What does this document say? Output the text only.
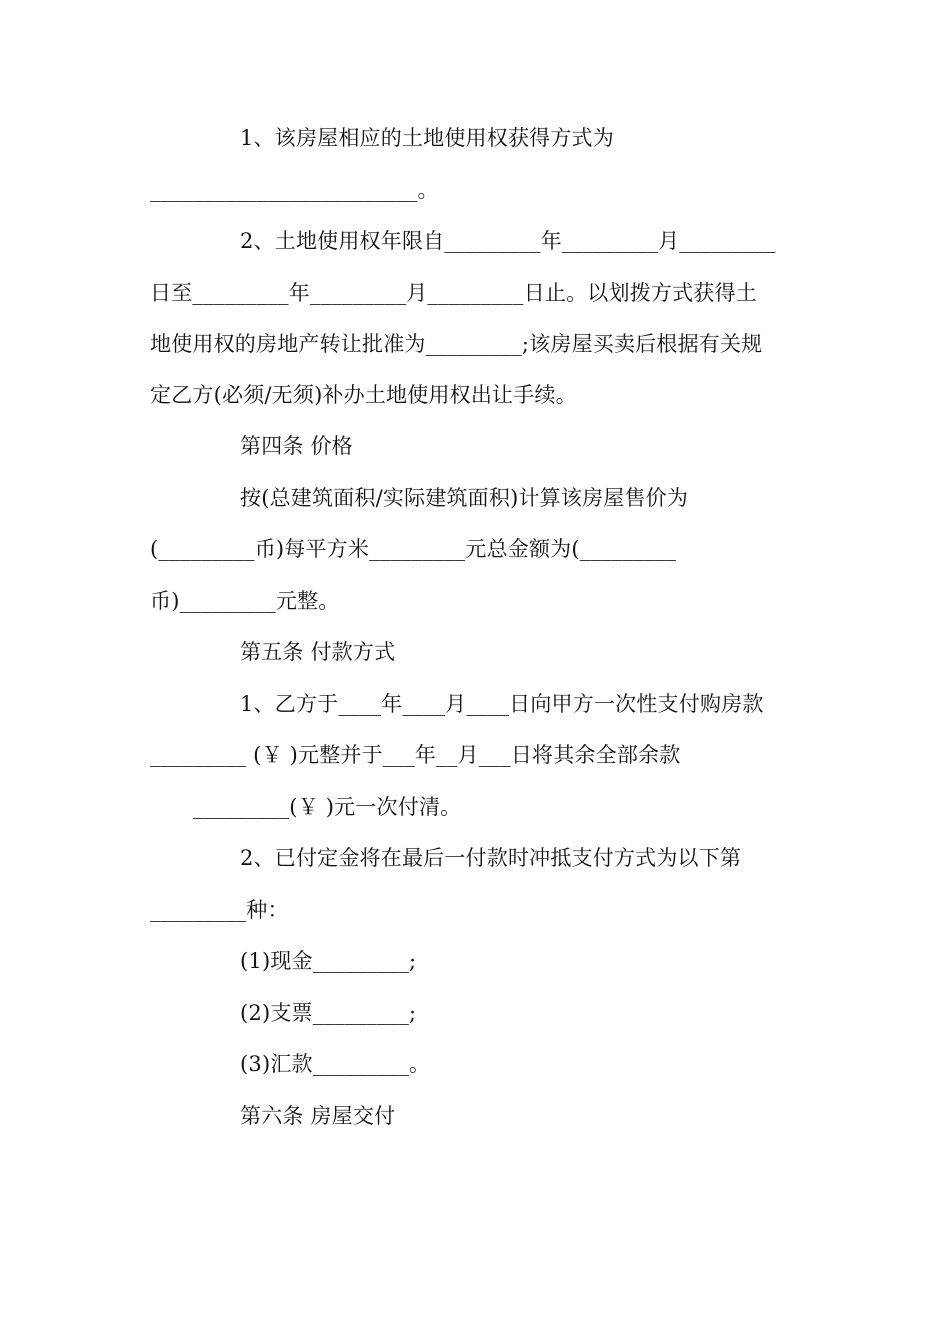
1、该房屋相应的土地使用权获得方式为
_________________________。
2、土地使用权年限自_________年_________月_________
日至_________年_________月_________日止。以划拨方式获得土
地使用权的房地产转让批准为_________;该房屋买卖后根据有关规
定乙方(必须/无须)补办土地使用权出让手续。
第四条 价格
按(总建筑面积/实际建筑面积)计算该房屋售价为
(_________币)每平方米_________元总金额为(_________
币)_________元整。
第五条 付款方式
1、乙方于____年____月____日向甲方一次性支付购房款
_________ (￥ )元整并于___年__月___日将其余全部余款
_________(￥ )元一次付清。
2、已付定金将在最后一付款时冲抵支付方式为以下第
_________种：
(1)现金_________;
(2)支票_________;
(3)汇款_________。
第六条 房屋交付
